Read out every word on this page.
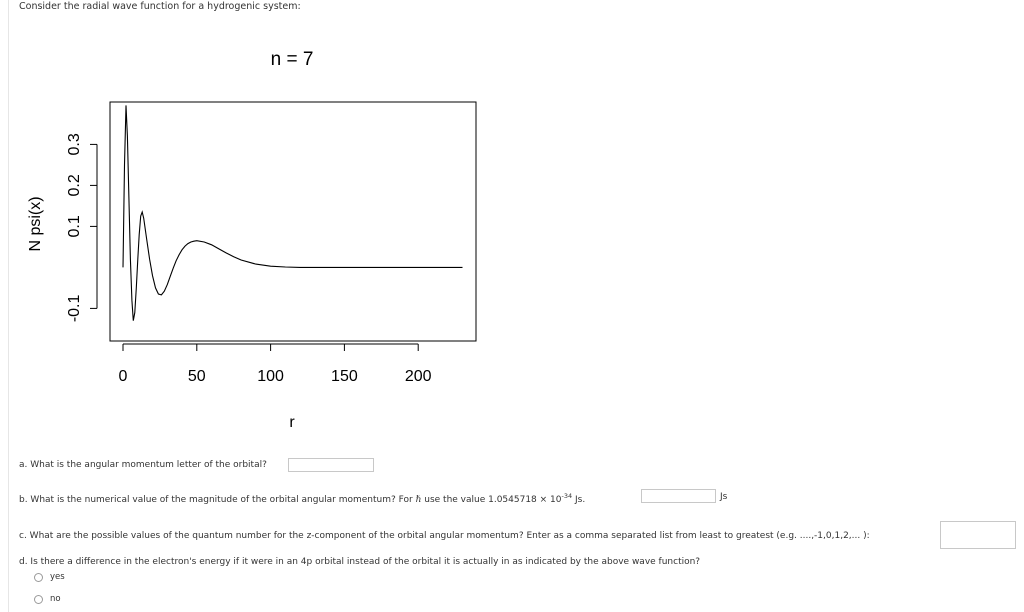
Consider the radial wave function for a hydrogenic system:
n = 7
0	50	100	150	200
-0.1
0.1
0.2
0.3
r
N psi(x)
a. What is the angular momentum letter of the orbital?
b. What is the numerical value of the magnitude of the orbital angular momentum? For ℏ use the value $1.0545718 \times 10^{-34}$ Js.	Js
c. What are the possible values of the quantum number for the z-component of the orbital angular momentum? Enter as a comma separated list from least to greatest (e.g. ....,-1,0,1,2,... ):
d. Is there a difference in the electron's energy if it were in an 4p orbital instead of the orbital it is actually in as indicated by the above wave function?
yes
no
